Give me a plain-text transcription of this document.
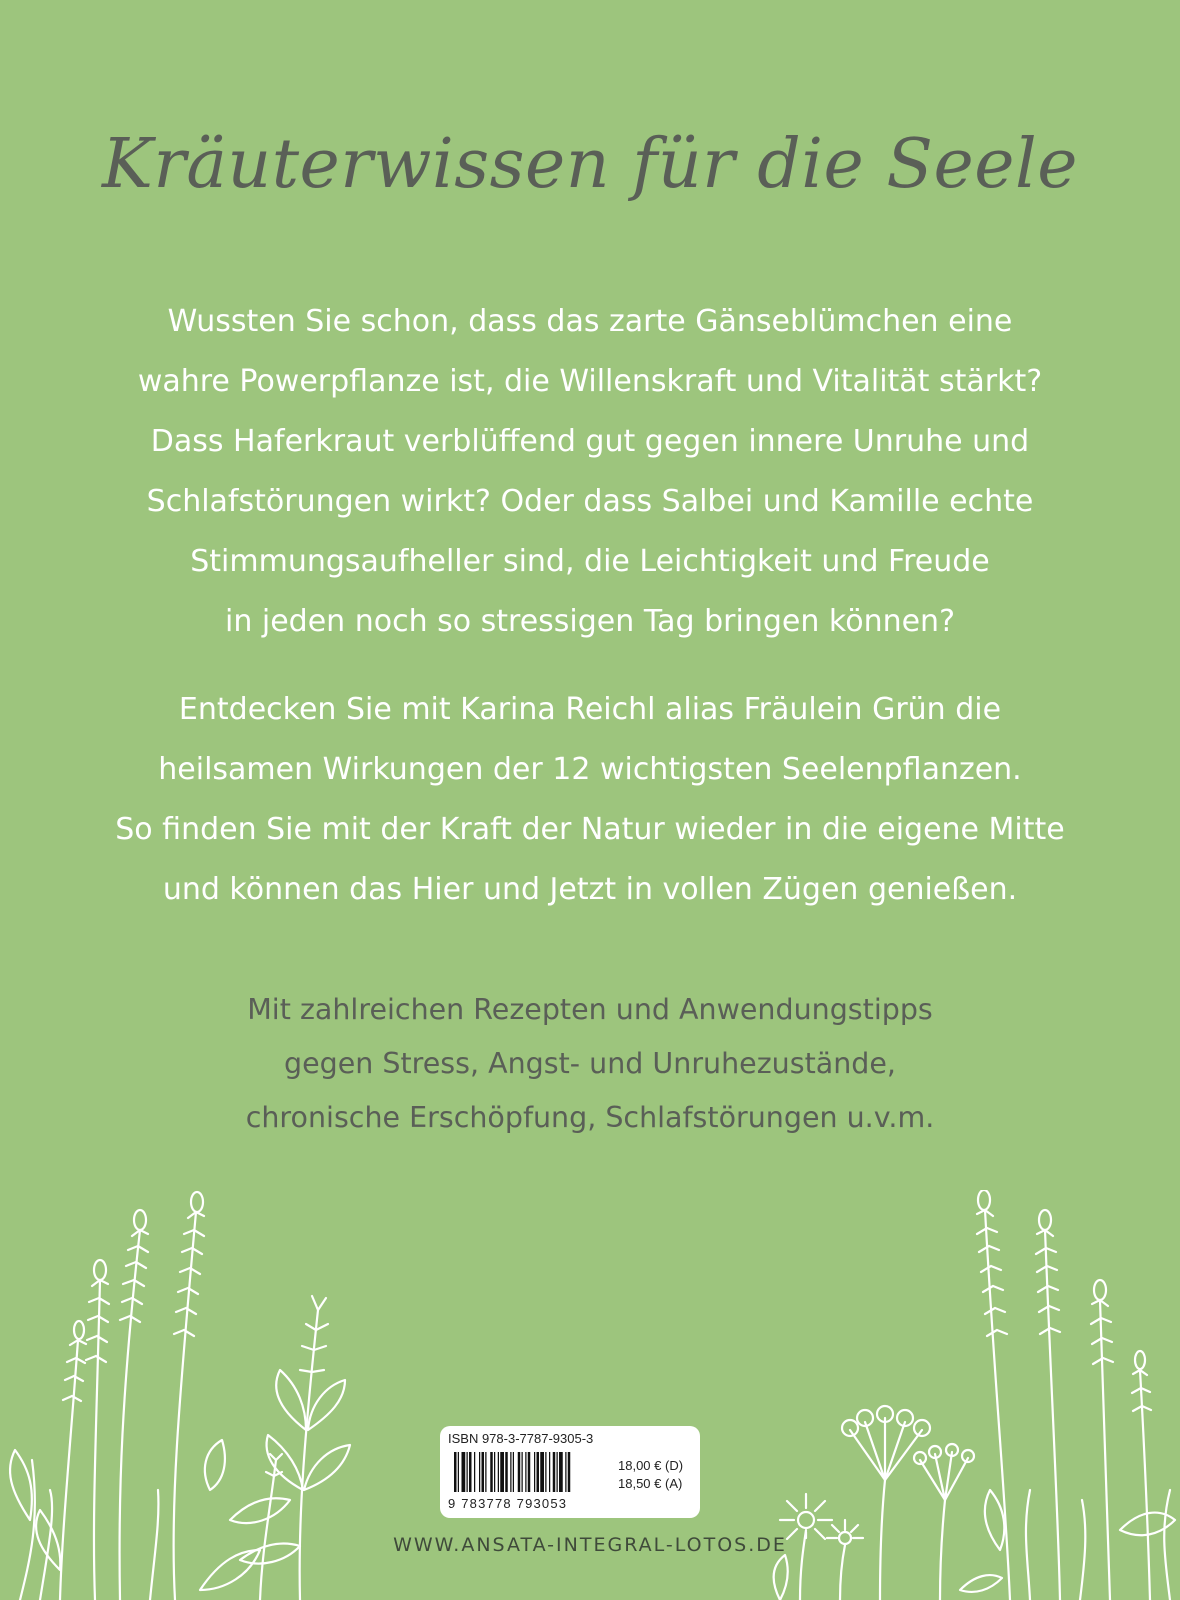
Kräuterwissen für die Seele
Wussten Sie schon, dass das zarte Gänseblümchen eine
wahre Powerpflanze ist, die Willenskraft und Vitalität stärkt?
Dass Haferkraut verblüffend gut gegen innere Unruhe und
Schlafstörungen wirkt? Oder dass Salbei und Kamille echte
Stimmungsaufheller sind, die Leichtigkeit und Freude
in jeden noch so stressigen Tag bringen können?
Entdecken Sie mit Karina Reichl alias Fräulein Grün die
heilsamen Wirkungen der 12 wichtigsten Seelenpflanzen.
So finden Sie mit der Kraft der Natur wieder in die eigene Mitte
und können das Hier und Jetzt in vollen Zügen genießen.
Mit zahlreichen Rezepten und Anwendungstipps
gegen Stress, Angst- und Unruhezustände,
chronische Erschöpfung, Schlafstörungen u.v.m.
ISBN 978-3-7787-9305-3
9 783778 793053
18,00 € (D)
18,50 € (A)
WWW.ANSATA-INTEGRAL-LOTOS.DE
